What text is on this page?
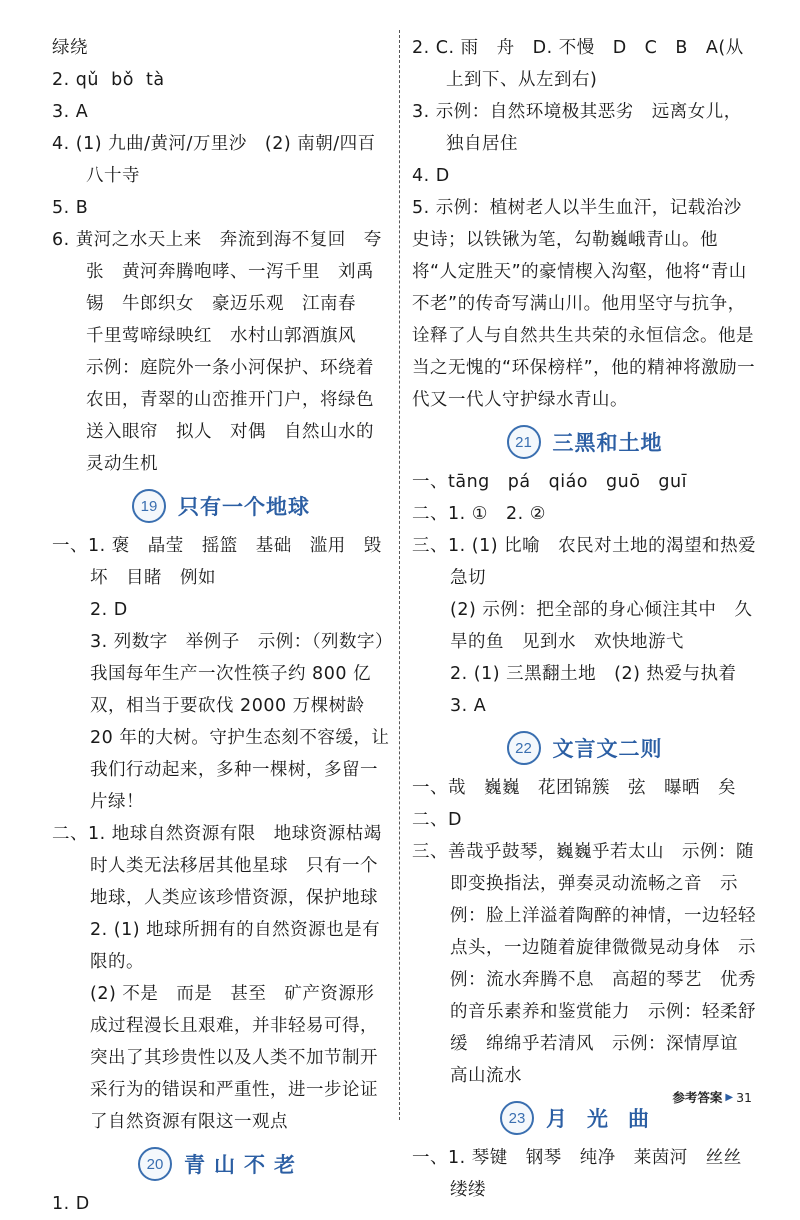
绿绕

2. qǔ  bǒ  tà

3. A

4. (1) 九曲/黄河/万里沙　(2) 南朝/四百八十寺

5. B

6. 黄河之水天上来　奔流到海不复回　夸张　黄河奔腾咆哮、一泻千里　刘禹锡　牛郎织女　豪迈乐观　江南春　千里莺啼绿映红　水村山郭酒旗风　示例：庭院外一条小河保护、环绕着农田，青翠的山峦推开门户，将绿色送入眼帘　拟人　对偶　自然山水的灵动生机

19 只有一个地球

一、1. 褒　晶莹　摇篮　基础　滥用　毁坏　目睹　例如

2. D

3. 列数字　举例子　示例：（列数字）我国每年生产一次性筷子约 800 亿双，相当于要砍伐 2000 万棵树龄 20 年的大树。守护生态刻不容缓，让我们行动起来，多种一棵树，多留一片绿！

二、1. 地球自然资源有限　地球资源枯竭时人类无法移居其他星球　只有一个地球，人类应该珍惜资源，保护地球

2. (1) 地球所拥有的自然资源也是有限的。

(2) 不是　而是　甚至　矿产资源形成过程漫长且艰难，并非轻易可得，突出了其珍贵性以及人类不加节制开采行为的错误和严重性，进一步论证了自然资源有限这一观点

20 青山不老

1. D

2. C. 雨　舟　D. 不慢　D　C　B　A(从上到下、从左到右)

3. 示例：自然环境极其恶劣　远离女儿，独自居住

4. D

5. 示例：植树老人以半生血汗，记载治沙史诗；以铁锹为笔，勾勒巍峨青山。他将“人定胜天”的豪情楔入沟壑，他将“青山不老”的传奇写满山川。他用坚守与抗争，诠释了人与自然共生共荣的永恒信念。他是当之无愧的“环保榜样”，他的精神将激励一代又一代人守护绿水青山。

21 三黑和土地

一、tāng　pá　qiáo　guō　guī

二、1. ①　2. ②

三、1. (1) 比喻　农民对土地的渴望和热爱急切

(2) 示例：把全部的身心倾注其中　久旱的鱼　见到水　欢快地游弋

2. (1) 三黑翻土地　(2) 热爱与执着

3. A

22 文言文二则

一、哉　巍巍　花团锦簇　弦　曝晒　矣

二、D

三、善哉乎鼓琴，巍巍乎若太山　示例：随即变换指法，弹奏灵动流畅之音　示例：脸上洋溢着陶醉的神情，一边轻轻点头，一边随着旋律微微晃动身体　示例：流水奔腾不息　高超的琴艺　优秀的音乐素养和鉴赏能力　示例：轻柔舒缓　绵绵乎若清风　示例：深情厚谊　高山流水

23 月光曲

一、1. 琴键　钢琴　纯净　莱茵河　丝丝缕缕

参考答案 ▶ 31
